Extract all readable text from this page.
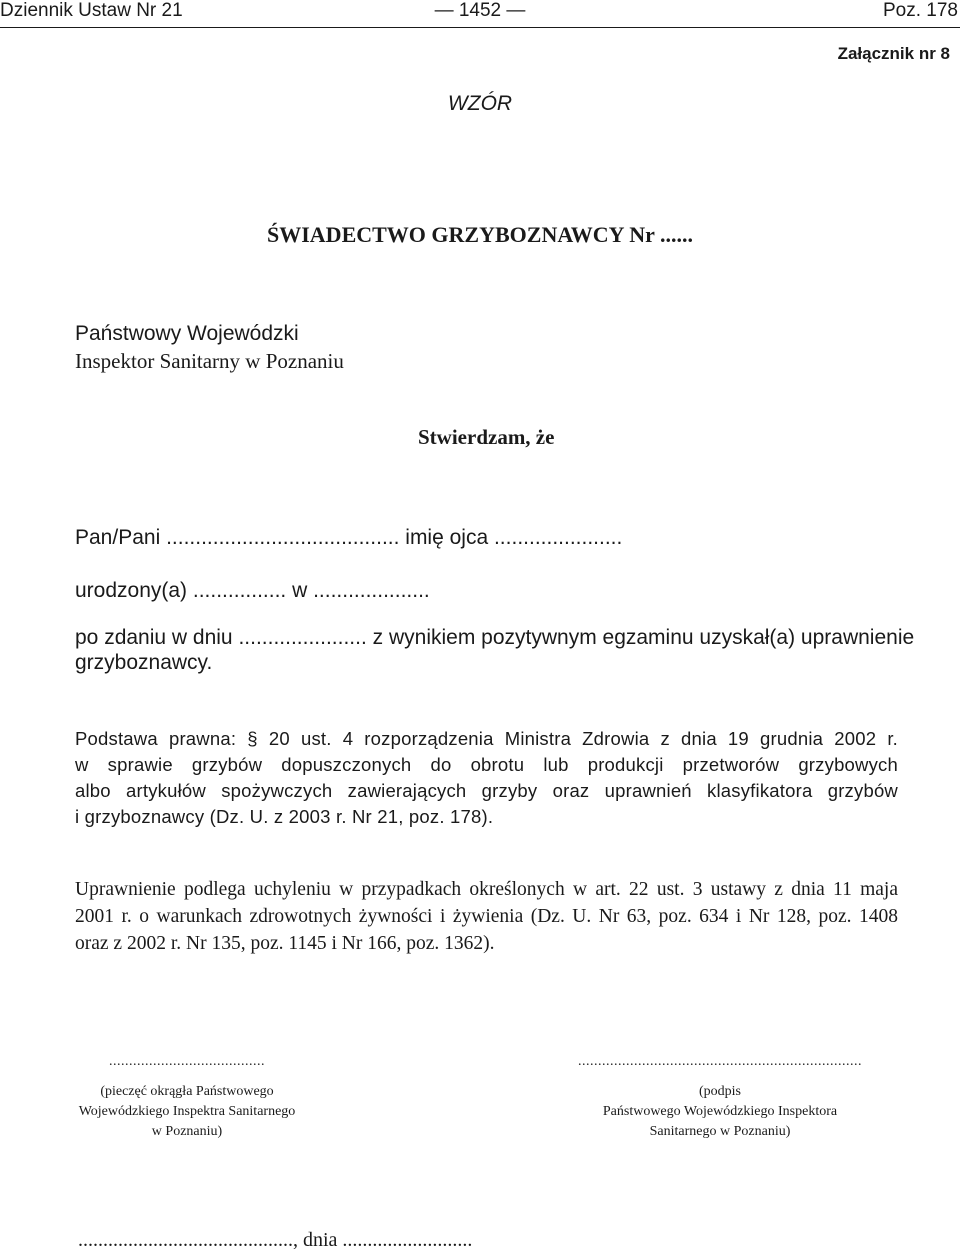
Dziennik Ustaw Nr 21	— 1452 —	Poz. 178
Załącznik nr 8
WZÓR
ŚWIADECTWO GRZYBOZNAWCY Nr ......
Państwowy Wojewódzki
Inspektor Sanitarny w Poznaniu
Stwierdzam, że
Pan/Pani ........................................ imię ojca ......................
urodzony(a) ................ w ....................
po zdaniu w dniu ...................... z wynikiem pozytywnym egzaminu uzyskał(a) uprawnienie
grzyboznawcy.
Podstawa prawna: § 20 ust. 4 rozporządzenia Ministra Zdrowia z dnia 19 grudnia 2002 r.
w sprawie grzybów dopuszczonych do obrotu lub produkcji przetworów grzybowych
albo artykułów spożywczych zawierających grzyby oraz uprawnień klasyfikatora grzybów
i grzyboznawcy (Dz. U. z 2003 r. Nr 21, poz. 178).
Uprawnienie podlega uchyleniu w przypadkach określonych w art. 22 ust. 3 ustawy z dnia 11 maja
2001 r. o warunkach zdrowotnych żywności i żywienia (Dz. U. Nr 63, poz. 634 i Nr 128, poz. 1408
oraz z 2002 r. Nr 135, poz. 1145 i Nr 166, poz. 1362).
.......................................
(pieczęć okrągła Państwowego
Wojewódzkiego Inspektra Sanitarnego
w Poznaniu)
.......................................................................
(podpis
Państwowego Wojewódzkiego Inspektora
Sanitarnego w Poznaniu)
..........................................., dnia ..........................
